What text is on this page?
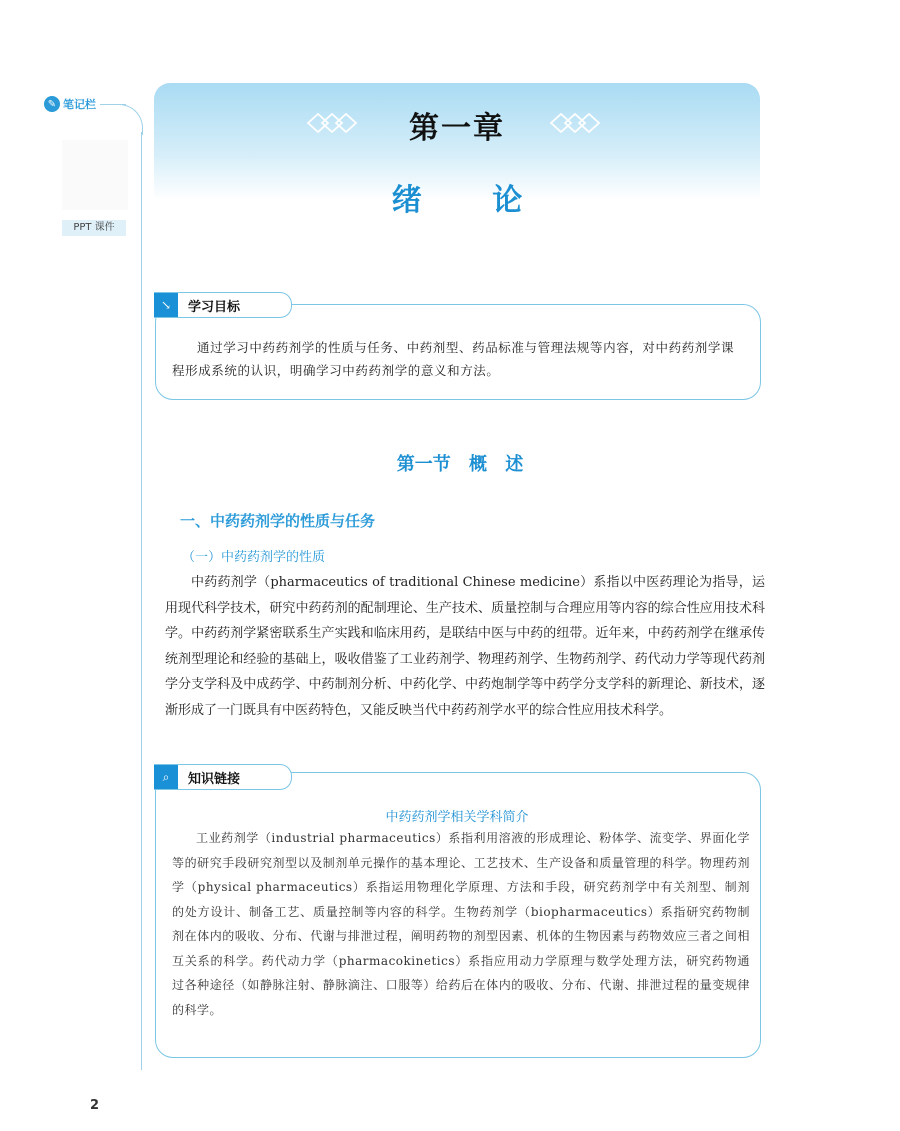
✎ 笔记栏
PPT 课件
第一章
绪 论
↘	学习目标
通过学习中药药剂学的性质与任务、中药剂型、药品标准与管理法规等内容，对中药药剂学课程形成系统的认识，明确学习中药药剂学的意义和方法。
第一节 概 述
一、中药药剂学的性质与任务
（一）中药药剂学的性质
中药药剂学（pharmaceutics of traditional Chinese medicine）系指以中医药理论为指导，运用现代科学技术，研究中药药剂的配制理论、生产技术、质量控制与合理应用等内容的综合性应用技术科学。中药药剂学紧密联系生产实践和临床用药，是联结中医与中药的纽带。近年来，中药药剂学在继承传统剂型理论和经验的基础上，吸收借鉴了工业药剂学、物理药剂学、生物药剂学、药代动力学等现代药剂学分支学科及中成药学、中药制剂分析、中药化学、中药炮制学等中药学分支学科的新理论、新技术，逐渐形成了一门既具有中医药特色，又能反映当代中药药剂学水平的综合性应用技术科学。
⌕	知识链接
中药药剂学相关学科简介
工业药剂学（industrial pharmaceutics）系指利用溶液的形成理论、粉体学、流变学、界面化学等的研究手段研究剂型以及制剂单元操作的基本理论、工艺技术、生产设备和质量管理的科学。物理药剂学（physical pharmaceutics）系指运用物理化学原理、方法和手段，研究药剂学中有关剂型、制剂的处方设计、制备工艺、质量控制等内容的科学。生物药剂学（biopharmaceutics）系指研究药物制剂在体内的吸收、分布、代谢与排泄过程，阐明药物的剂型因素、机体的生物因素与药物效应三者之间相互关系的科学。药代动力学（pharmacokinetics）系指应用动力学原理与数学处理方法，研究药物通过各种途径（如静脉注射、静脉滴注、口服等）给药后在体内的吸收、分布、代谢、排泄过程的量变规律的科学。
2
